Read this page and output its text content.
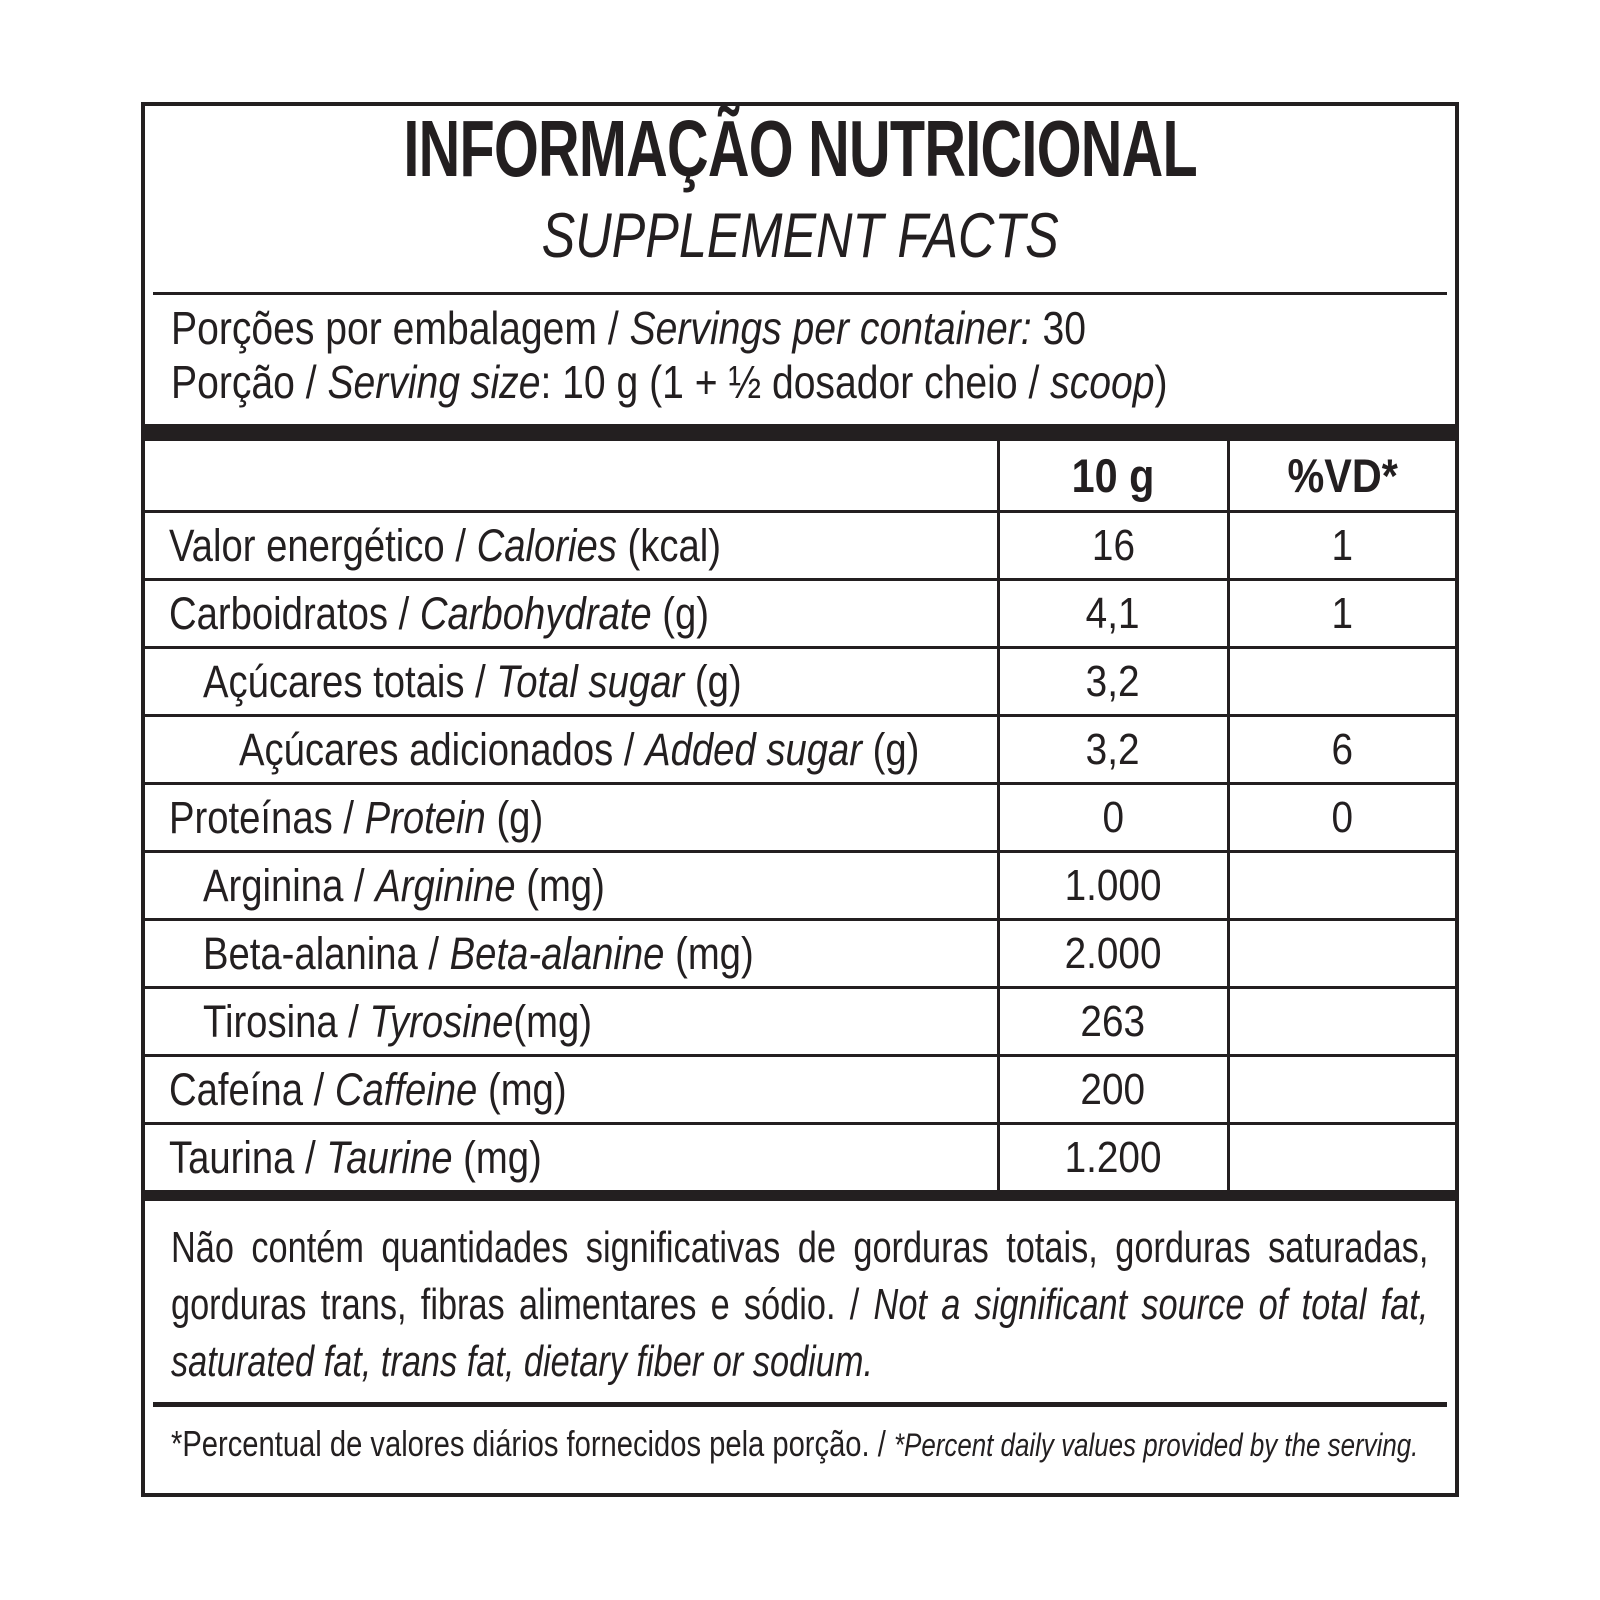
INFORMAÇÃO NUTRICIONAL
SUPPLEMENT FACTS
Porções por embalagem / Servings per container: 30
Porção / Serving size: 10 g (1 + ½ dosador cheio / scoop)
	10 g	%VD*
Valor energético / Calories (kcal)	16	1
Carboidratos / Carbohydrate (g)	4,1	1
Açúcares totais / Total sugar (g)	3,2	
Açúcares adicionados / Added sugar (g)	3,2	6
Proteínas / Protein (g)	0	0
Arginina / Arginine (mg)	1.000	
Beta-alanina / Beta-alanine (mg)	2.000	
Tirosina / Tyrosine(mg)	263	
Cafeína / Caffeine (mg)	200	
Taurina / Taurine (mg)	1.200	

Não contém quantidades significativas de gorduras totais, gorduras saturadas, gorduras trans, fibras alimentares e sódio. / Not a significant source of total fat, saturated fat, trans fat, dietary fiber or sodium.

*Percentual de valores diários fornecidos pela porção. / *Percent daily values provided by the serving.
